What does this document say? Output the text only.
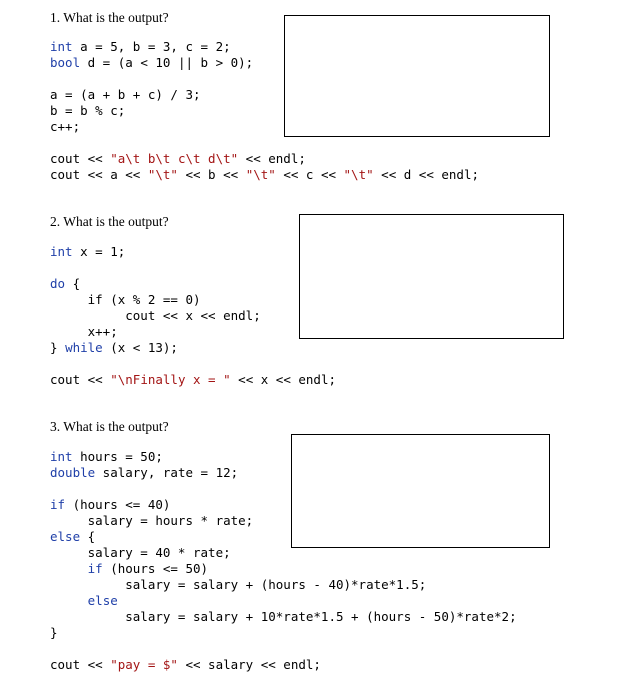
1. What is the output?
int a = 5, b = 3, c = 2;
bool d = (a < 10 || b > 0);
a = (a + b + c) / 3;
b = b % c;
c++;
cout << "a\t b\t c\t d\t" << endl;
cout << a << "\t" << b << "\t" << c << "\t" << d << endl;
2. What is the output?
int x = 1;
do {
if (x % 2 == 0)
cout << x << endl;
x++;
} while (x < 13);
cout << "\nFinally x = " << x << endl;
3. What is the output?
int hours = 50;
double salary, rate = 12;
if (hours <= 40)
salary = hours * rate;
else {
salary = 40 * rate;
if (hours <= 50)
salary = salary + (hours - 40)*rate*1.5;
else
salary = salary + 10*rate*1.5 + (hours - 50)*rate*2;
}
cout << "pay = $" << salary << endl;
